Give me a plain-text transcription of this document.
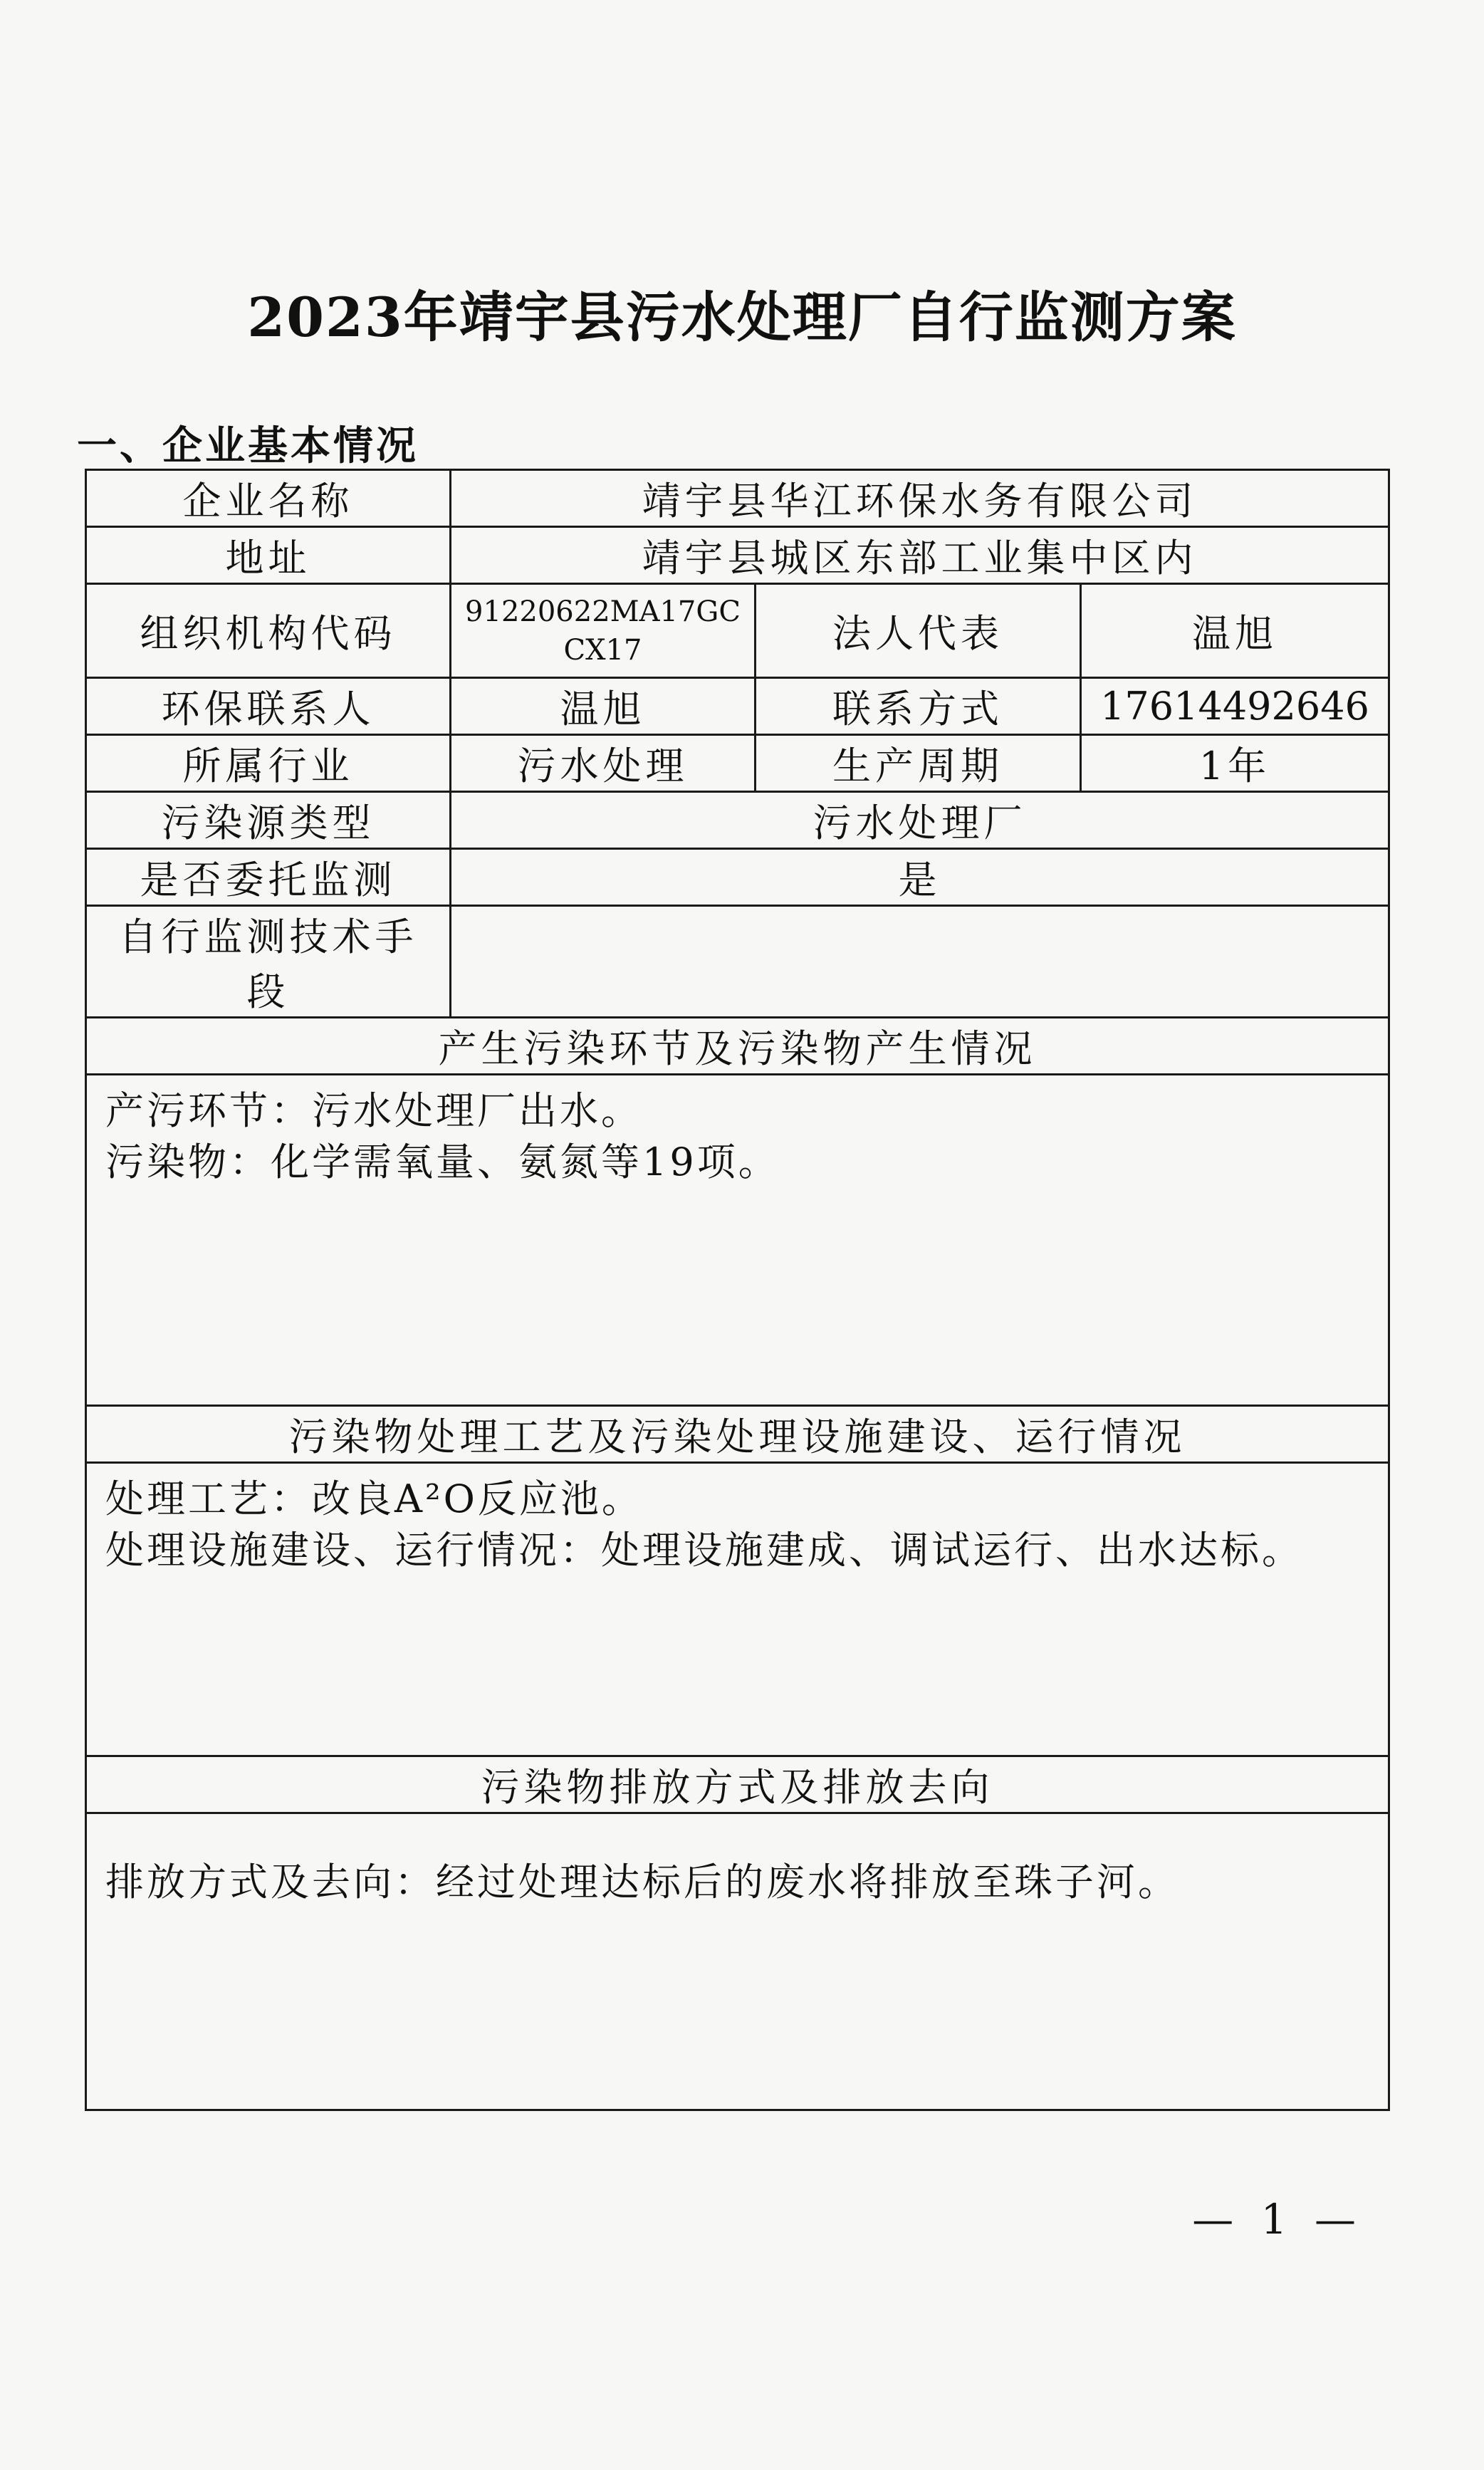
2023年靖宇县污水处理厂自行监测方案
一、企业基本情况
企业名称	靖宇县华江环保水务有限公司		
地址	靖宇县城区东部工业集中区内		
组织机构代码	91220622MA17GC CX17	法人代表	温旭
环保联系人	温旭	联系方式	17614492646
所属行业	污水处理	生产周期	1年
污染源类型	污水处理厂		
是否委托监测	是		
自行监测技术手段			
产生污染环节及污染物产生情况			

产污环节：污水处理厂出水。
污染物：化学需氧量、氨氮等19项。			

污染物处理工艺及污染处理设施建设、运行情况			

处理工艺：改良A²O反应池。
处理设施建设、运行情况：处理设施建成、调试运行、出水达标。			

污染物排放方式及排放去向			

排放方式及去向：经过处理达标后的废水将排放至珠子河。			
— 1 —
